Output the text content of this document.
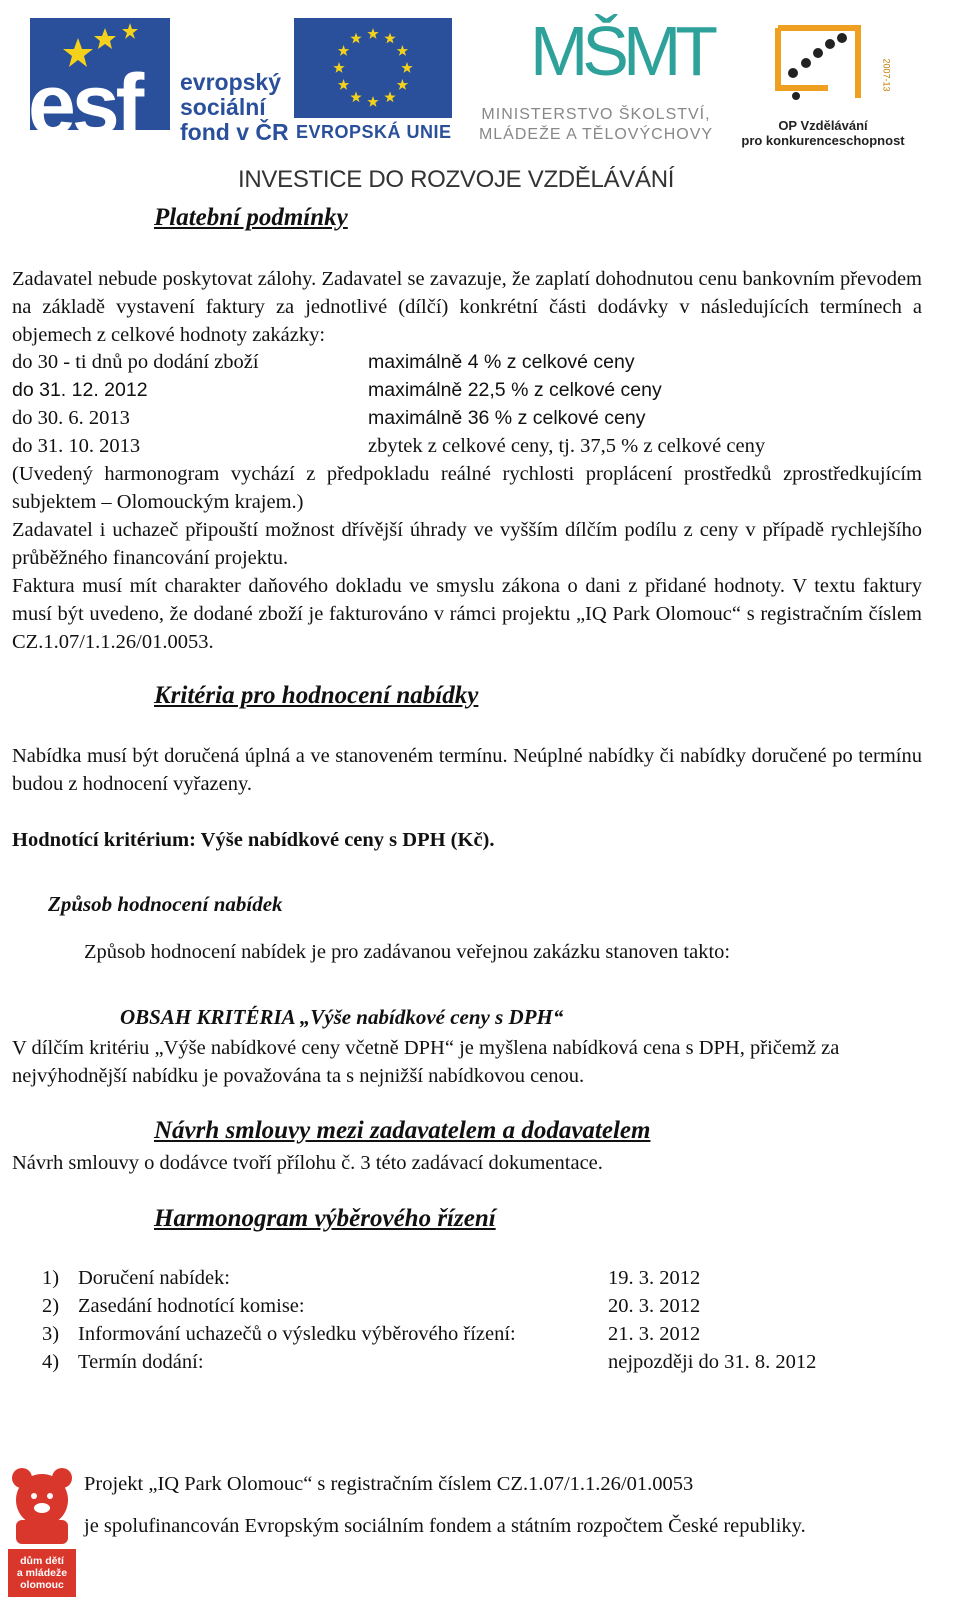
esf evropský
sociální
fond v ČR EVROPSKÁ UNIE
MŠMT
MINISTERSTVO ŠKOLSTVÍ,
MLÁDEŽE A TĚLOVÝCHOVY
2007-13
OP Vzdělávání
pro konkurenceschopnost
INVESTICE DO ROZVOJE VZDĚLÁVÁNÍ
Platební podmínky
Zadavatel nebude poskytovat zálohy. Zadavatel se zavazuje, že zaplatí dohodnutou cenu bankovním převodem na základě vystavení faktury za jednotlivé (dílčí) konkrétní části dodávky v následujících termínech a objemech z celkové hodnoty zakázky:
do 30 - ti dnů po dodání zboží	maximálně 4 % z celkové ceny
do 31. 12. 2012	maximálně 22,5 % z celkové ceny
do 30. 6. 2013	maximálně 36 % z celkové ceny
do 31. 10. 2013	zbytek z celkové ceny, tj. 37,5 % z celkové ceny
(Uvedený harmonogram vychází z předpokladu reálné rychlosti proplácení prostředků zprostředkujícím subjektem – Olomouckým krajem.)
Zadavatel i uchazeč připouští možnost dřívější úhrady ve vyšším dílčím podílu z ceny v případě rychlejšího průběžného financování projektu.
Faktura musí mít charakter daňového dokladu ve smyslu zákona o dani z přidané hodnoty. V textu faktury musí být uvedeno, že dodané zboží je fakturováno v rámci projektu „IQ Park Olomouc“ s registračním číslem CZ.1.07/1.1.26/01.0053.
Kritéria pro hodnocení nabídky
Nabídka musí být doručená úplná a ve stanoveném termínu. Neúplné nabídky či nabídky doručené po termínu budou z hodnocení vyřazeny.
Hodnotící kritérium: Výše nabídkové ceny s DPH (Kč).
Způsob hodnocení nabídek
Způsob hodnocení nabídek je pro zadávanou veřejnou zakázku stanoven takto:
OBSAH KRITÉRIA „Výše nabídkové ceny s DPH“
V dílčím kritériu „Výše nabídkové ceny včetně DPH“ je myšlena nabídková cena s DPH, přičemž za nejvýhodnější nabídku je považována ta s nejnižší nabídkovou cenou.
Návrh smlouvy mezi zadavatelem a dodavatelem
Návrh smlouvy o dodávce tvoří přílohu č. 3 této zadávací dokumentace.
Harmonogram výběrového řízení
1) Doručení nabídek:	19. 3. 2012
2) Zasedání hodnotící komise:	20. 3. 2012
3) Informování uchazečů o výsledku výběrového řízení:	21. 3. 2012
4) Termín dodání:	nejpozději do 31. 8. 2012
dům dětí
a mládeže
olomouc
Projekt „IQ Park Olomouc“ s registračním číslem CZ.1.07/1.1.26/01.0053
je spolufinancován Evropským sociálním fondem a státním rozpočtem České republiky.
